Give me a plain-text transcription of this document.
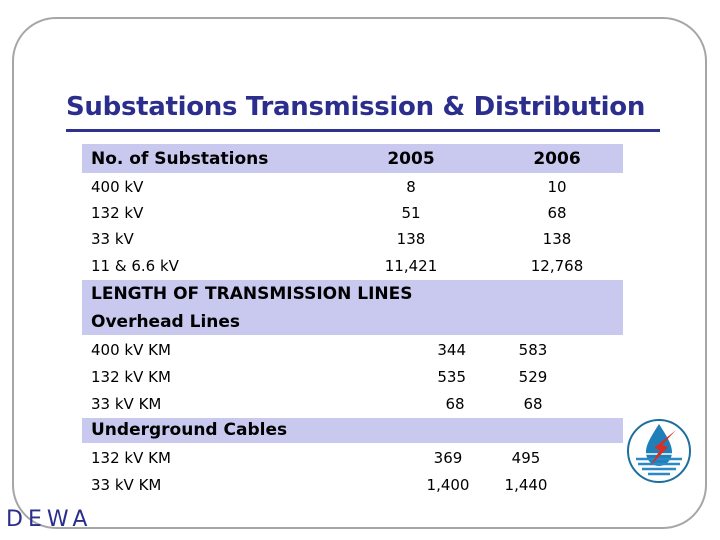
Substations Transmission & Distribution
No. of Substations	2005	2006
400 kV	8	10
132 kV	51	68
33 kV	138	138
11 & 6.6 kV	11,421	12,768
LENGTH OF TRANSMISSION LINES
Overhead Lines
400 kV KM	344	583
132 kV KM	535	529
33 kV KM	68	68
Underground Cables
132 kV KM	369	495
33 kV KM	1,400 1,440
DEWA
